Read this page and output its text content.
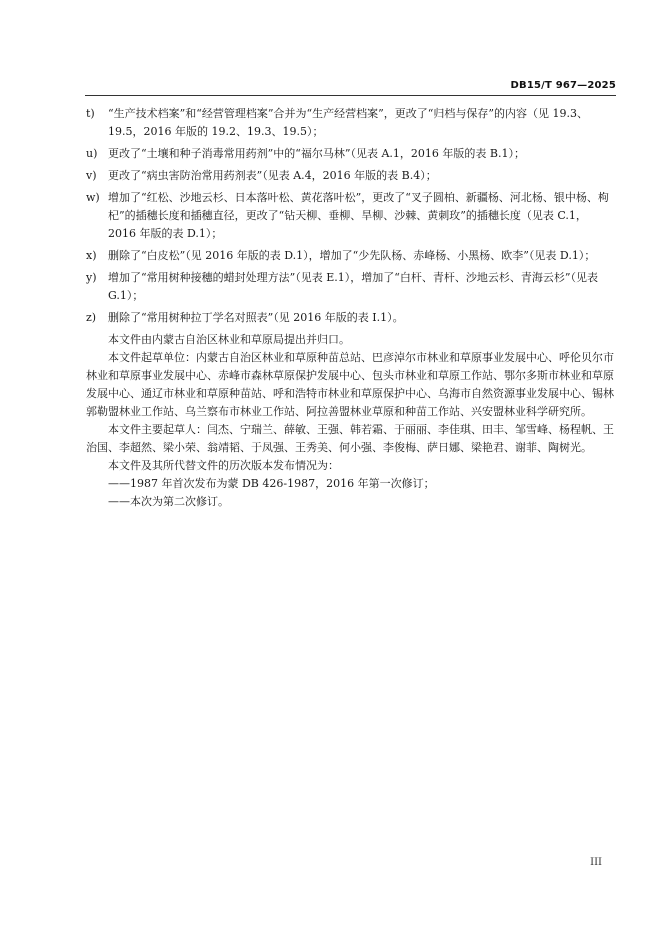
DB15/T 967—2025
t)	“生产技术档案”和“经营管理档案”合并为“生产经营档案”，更改了“归档与保存”的内容（见 19.3、19.5，2016 年版的 19.2、19.3、19.5）；
u) 更改了“土壤和种子消毒常用药剂”中的“福尔马林”（见表 A.1，2016 年版的表 B.1）；
v)	更改了“病虫害防治常用药剂表”（见表 A.4，2016 年版的表 B.4）；
w) 增加了“红松、沙地云杉、日本落叶松、黄花落叶松”，更改了“叉子圆柏、新疆杨、河北杨、银中杨、枸杞”的插穗长度和插穗直径，更改了“钻天柳、垂柳、旱柳、沙棘、黄刺玫”的插穗长度（见表 C.1，2016 年版的表 D.1）；
x)	删除了“白皮松”（见 2016 年版的表 D.1），增加了“少先队杨、赤峰杨、小黑杨、欧李”（见表 D.1）；
y)	增加了“常用树种接穗的蜡封处理方法”（见表 E.1），增加了“白杆、青杆、沙地云杉、青海云杉”（见表 G.1）；
z)	删除了“常用树种拉丁学名对照表”（见 2016 年版的表 I.1）。

本文件由内蒙古自治区林业和草原局提出并归口。

本文件起草单位：内蒙古自治区林业和草原种苗总站、巴彦淖尔市林业和草原事业发展中心、呼伦贝尔市林业和草原事业发展中心、赤峰市森林草原保护发展中心、包头市林业和草原工作站、鄂尔多斯市林业和草原发展中心、通辽市林业和草原种苗站、呼和浩特市林业和草原保护中心、乌海市自然资源事业发展中心、锡林郭勒盟林业工作站、乌兰察布市林业工作站、阿拉善盟林业草原和种苗工作站、兴安盟林业科学研究所。

本文件主要起草人：闫杰、宁瑞兰、薛敏、王强、韩若霜、于丽丽、李佳琪、田丰、邹雪峰、杨程帆、王治国、李超然、梁小荣、翁靖韬、于凤强、王秀美、何小强、李俊梅、萨日娜、梁艳君、谢菲、陶树光。

本文件及其所代替文件的历次版本发布情况为：

——1987 年首次发布为蒙 DB 426-1987，2016 年第一次修订；

——本次为第二次修订。

III
